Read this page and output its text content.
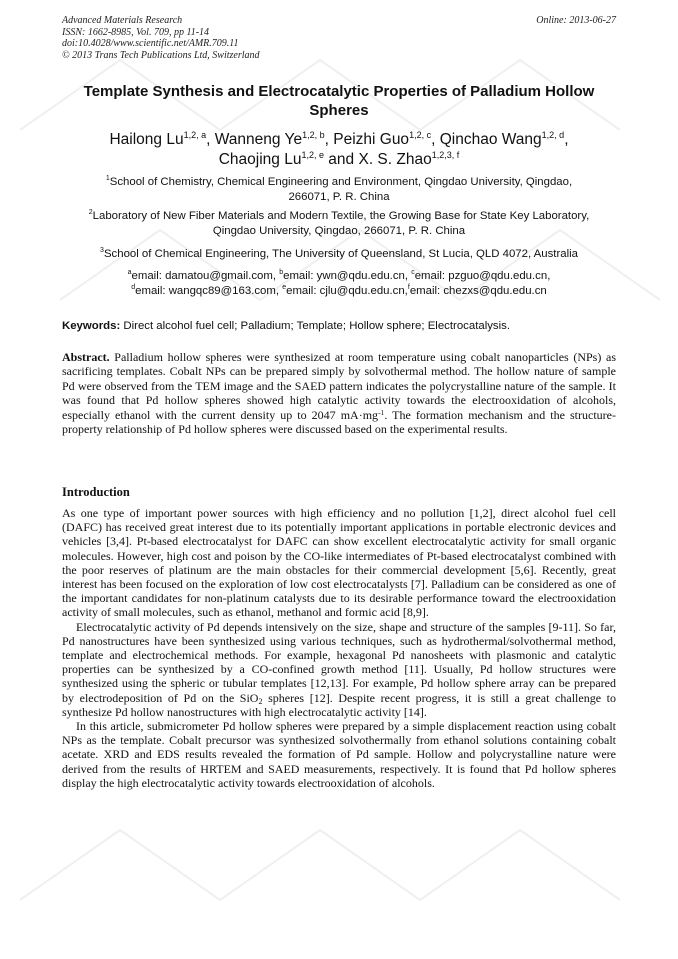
Advanced Materials Research
ISSN: 1662-8985, Vol. 709, pp 11-14
doi:10.4028/www.scientific.net/AMR.709.11
© 2013 Trans Tech Publications Ltd, Switzerland
Online: 2013-06-27
Template Synthesis and Electrocatalytic Properties of Palladium Hollow
Spheres
Hailong Lu$^{1,2, a}$, Wanneng Ye$^{1,2, b}$, Peizhi Guo$^{1,2, c}$, Qinchao Wang$^{1,2, d}$,
Chaojing Lu$^{1,2, e}$ and X. S. Zhao$^{1,2,3, f}$
$^1$School of Chemistry, Chemical Engineering and Environment, Qingdao University, Qingdao,
266071, P. R. China
$^2$Laboratory of New Fiber Materials and Modern Textile, the Growing Base for State Key Laboratory,
Qingdao University, Qingdao, 266071, P. R. China
$^3$School of Chemical Engineering, The University of Queensland, St Lucia, QLD 4072, Australia
$^a$email: damatou@gmail.com, $^b$email: ywn@qdu.edu.cn, $^c$email: pzguo@qdu.edu.cn,
$^d$email: wangqc89@163.com, $^e$email: cjlu@qdu.edu.cn,$^f$email: chezxs@qdu.edu.cn
Keywords: Direct alcohol fuel cell; Palladium; Template; Hollow sphere; Electrocatalysis.
Abstract. Palladium hollow spheres were synthesized at room temperature using cobalt nanoparticles (NPs) as sacrificing templates. Cobalt NPs can be prepared simply by solvothermal method. The hollow nature of sample Pd were observed from the TEM image and the SAED pattern indicates the polycrystalline nature of the sample. It was found that Pd hollow spheres showed high catalytic activity towards the electrooxidation of alcohols, especially ethanol with the current density up to 2047 $mA\cdot mg^{-1}$. The formation mechanism and the structure-property relationship of Pd hollow spheres were discussed based on the experimental results.
Introduction

As one type of important power sources with high efficiency and no pollution [1,2], direct alcohol fuel cell (DAFC) has received great interest due to its potentially important applications in portable electronic devices and vehicles [3,4]. Pt-based electrocatalyst for DAFC can show excellent electrocatalytic activity for small organic molecules. However, high cost and poison by the CO-like intermediates of Pt-based electrocatalyst combined with the poor reserves of platinum are the main obstacles for their commercial development [5,6]. Recently, great interest has been focused on the exploration of low cost electrocatalysts [7]. Palladium can be considered as one of the important candidates for non-platinum catalysts due to its desirable performance toward the electrooxidation activity of small molecules, such as ethanol, methanol and formic acid [8,9].

Electrocatalytic activity of Pd depends intensively on the size, shape and structure of the samples [9-11]. So far, Pd nanostructures have been synthesized using various techniques, such as hydrothermal/solvothermal method, template and electrochemical methods. For example, hexagonal Pd nanosheets with plasmonic and catalytic properties can be synthesized by a CO-confined growth method [11]. Usually, Pd hollow structures were synthesized using the spheric or tubular templates [12,13]. For example, Pd hollow sphere array can be prepared by electrodeposition of Pd on the SiO$_2$ spheres [12]. Despite recent progress, it is still a great challenge to synthesize Pd hollow nanostructures with high electrocatalytic activity [14].

In this article, submicrometer Pd hollow spheres were prepared by a simple displacement reaction using cobalt NPs as the template. Cobalt precursor was synthesized solvothermally from ethanol solutions containing cobalt acetate. XRD and EDS results revealed the formation of Pd sample. Hollow and polycrystalline nature were derived from the results of HRTEM and SAED measurements, respectively. It is found that Pd hollow spheres display the high electrocatalytic activity towards electrooxidation of alcohols.
